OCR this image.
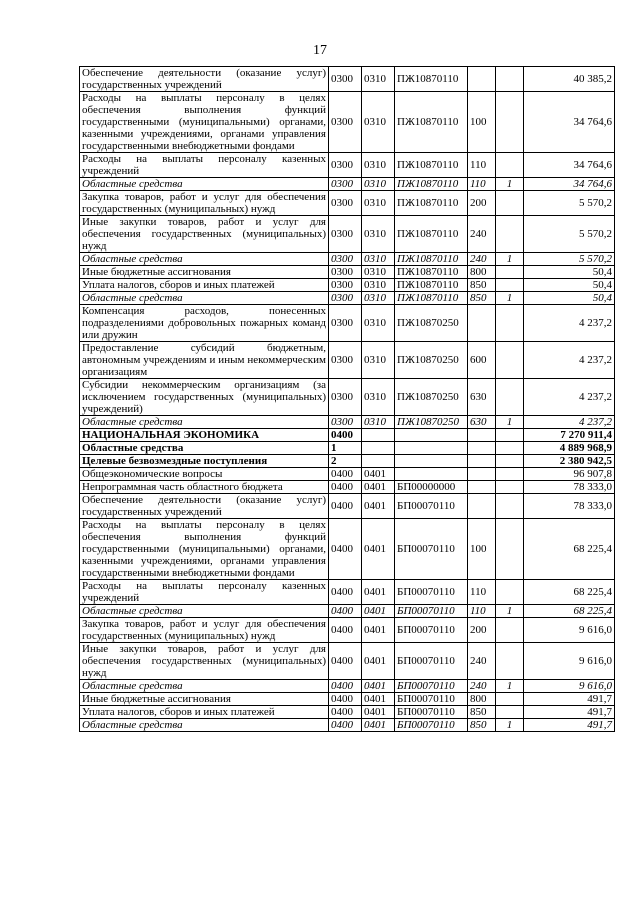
17
Обеспечение деятельности (оказание услуг) государственных учреждений	0300	0310	ПЖ10870110			40 385,2
Расходы на выплаты персоналу в целях обеспечения выполнения функций государственными (муниципальными) органами, казенными учреждениями, органами управления государственными внебюджетными фондами	0300	0310	ПЖ10870110	100		34 764,6
Расходы на выплаты персоналу казенных учреждений	0300	0310	ПЖ10870110	110		34 764,6
Областные средства	0300	0310	ПЖ10870110	110	1	34 764,6
Закупка товаров, работ и услуг для обеспечения государственных (муниципальных) нужд	0300	0310	ПЖ10870110	200		5 570,2
Иные закупки товаров, работ и услуг для обеспечения государственных (муниципальных) нужд	0300	0310	ПЖ10870110	240		5 570,2
Областные средства	0300	0310	ПЖ10870110	240	1	5 570,2
Иные бюджетные ассигнования	0300	0310	ПЖ10870110	800		50,4
Уплата налогов, сборов и иных платежей	0300	0310	ПЖ10870110	850		50,4
Областные средства	0300	0310	ПЖ10870110	850	1	50,4
Компенсация расходов, понесенных подразделениями добровольных пожарных команд или дружин	0300	0310	ПЖ10870250			4 237,2
Предоставление субсидий бюджетным, автономным учреждениям и иным некоммерческим организациям	0300	0310	ПЖ10870250	600		4 237,2
Субсидии некоммерческим организациям (за исключением государственных (муниципальных) учреждений)	0300	0310	ПЖ10870250	630		4 237,2
Областные средства	0300	0310	ПЖ10870250	630	1	4 237,2
НАЦИОНАЛЬНАЯ ЭКОНОМИКА	0400					7 270 911,4
Областные средства	1					4 889 968,9
Целевые безвозмездные поступления	2					2 380 942,5
Общеэкономические вопросы	0400	0401				96 907,8
Непрограммная часть областного бюджета	0400	0401	БП00000000			78 333,0
Обеспечение деятельности (оказание услуг) государственных учреждений	0400	0401	БП00070110			78 333,0
Расходы на выплаты персоналу в целях обеспечения выполнения функций государственными (муниципальными) органами, казенными учреждениями, органами управления государственными внебюджетными фондами	0400	0401	БП00070110	100		68 225,4
Расходы на выплаты персоналу казенных учреждений	0400	0401	БП00070110	110		68 225,4
Областные средства	0400	0401	БП00070110	110	1	68 225,4
Закупка товаров, работ и услуг для обеспечения государственных (муниципальных) нужд	0400	0401	БП00070110	200		9 616,0
Иные закупки товаров, работ и услуг для обеспечения государственных (муниципальных) нужд	0400	0401	БП00070110	240		9 616,0
Областные средства	0400	0401	БП00070110	240	1	9 616,0
Иные бюджетные ассигнования	0400	0401	БП00070110	800		491,7
Уплата налогов, сборов и иных платежей	0400	0401	БП00070110	850		491,7
Областные средства	0400	0401	БП00070110	850	1	491,7
